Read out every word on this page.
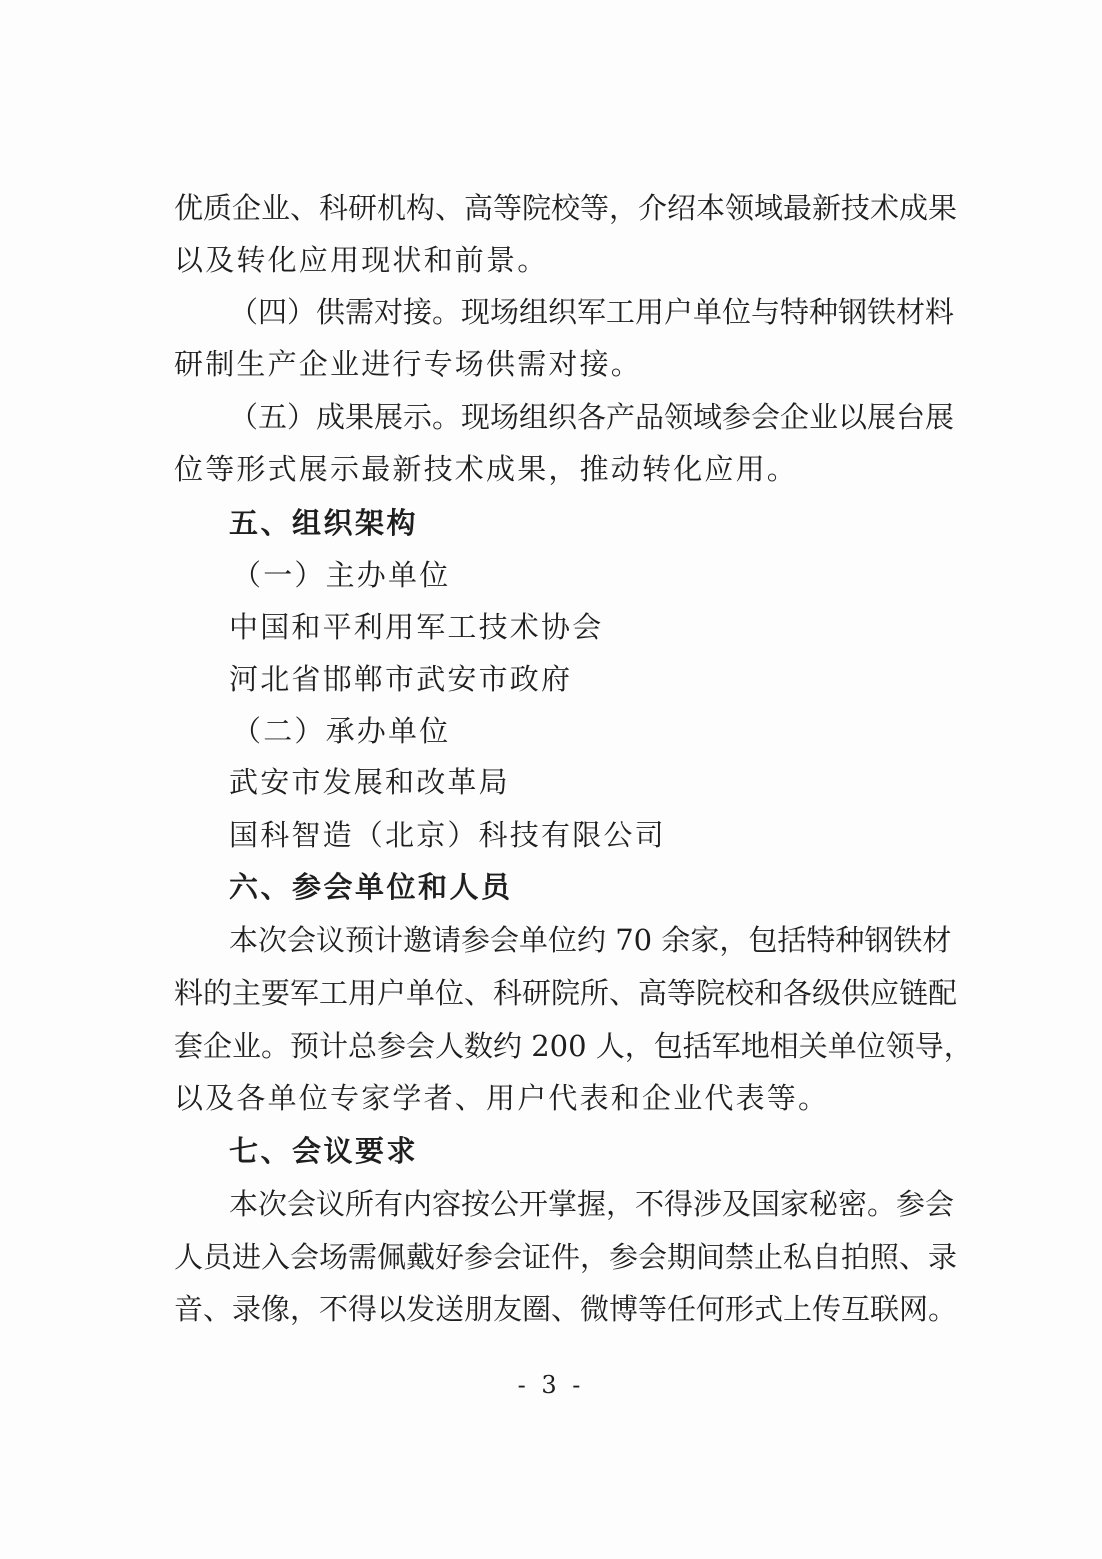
优质企业、科研机构、高等院校等，介绍本领域最新技术成果
以及转化应用现状和前景。
（四）供需对接。现场组织军工用户单位与特种钢铁材料
研制生产企业进行专场供需对接。
（五）成果展示。现场组织各产品领域参会企业以展台展
位等形式展示最新技术成果，推动转化应用。
五、组织架构
（一）主办单位
中国和平利用军工技术协会
河北省邯郸市武安市政府
（二）承办单位
武安市发展和改革局
国科智造（北京）科技有限公司
六、参会单位和人员
本次会议预计邀请参会单位约 70 余家，包括特种钢铁材
料的主要军工用户单位、科研院所、高等院校和各级供应链配
套企业。预计总参会人数约 200 人，包括军地相关单位领导，
以及各单位专家学者、用户代表和企业代表等。
七、会议要求
本次会议所有内容按公开掌握，不得涉及国家秘密。参会
人员进入会场需佩戴好参会证件，参会期间禁止私自拍照、录
音、录像，不得以发送朋友圈、微博等任何形式上传互联网。
- 3 -
